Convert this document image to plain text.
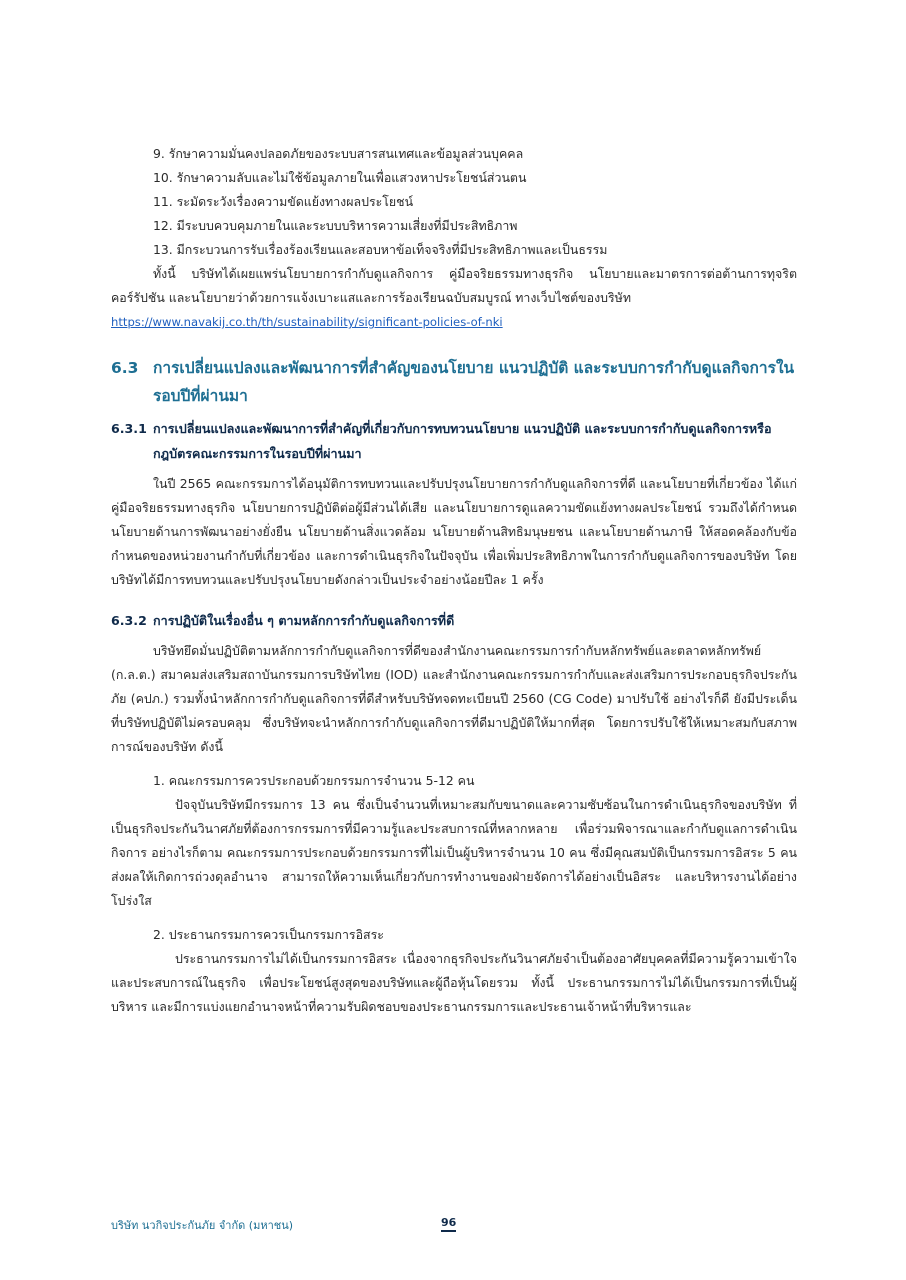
9. รักษาความมั่นคงปลอดภัยของระบบสารสนเทศและข้อมูลส่วนบุคคล
10. รักษาความลับและไม่ใช้ข้อมูลภายในเพื่อแสวงหาประโยชน์ส่วนตน
11. ระมัดระวังเรื่องความขัดแย้งทางผลประโยชน์
12. มีระบบควบคุมภายในและระบบบริหารความเสี่ยงที่มีประสิทธิภาพ
13. มีกระบวนการรับเรื่องร้องเรียนและสอบหาข้อเท็จจริงที่มีประสิทธิภาพและเป็นธรรม

ทั้งนี้ บริษัทได้เผยแพร่นโยบายการกำกับดูแลกิจการ คู่มือจริยธรรมทางธุรกิจ นโยบายและมาตรการต่อต้านการทุจริตคอร์รัปชัน และนโยบายว่าด้วยการแจ้งเบาะแสและการร้องเรียนฉบับสมบูรณ์ ทางเว็บไซต์ของบริษัท

https://www.navakij.co.th/th/sustainability/significant-policies-of-nki
6.3 การเปลี่ยนแปลงและพัฒนาการที่สำคัญของนโยบาย แนวปฏิบัติ และระบบการกำกับดูแลกิจการในรอบปีที่ผ่านมา
6.3.1 การเปลี่ยนแปลงและพัฒนาการที่สำคัญที่เกี่ยวกับการทบทวนนโยบาย แนวปฏิบัติ และระบบการกำกับดูแลกิจการหรือกฎบัตรคณะกรรมการในรอบปีที่ผ่านมา

ในปี 2565 คณะกรรมการได้อนุมัติการทบทวนและปรับปรุงนโยบายการกำกับดูแลกิจการที่ดี และนโยบายที่เกี่ยวข้อง ได้แก่ คู่มือจริยธรรมทางธุรกิจ นโยบายการปฏิบัติต่อผู้มีส่วนได้เสีย และนโยบายการดูแลความขัดแย้งทางผลประโยชน์ รวมถึงได้กำหนดนโยบายด้านการพัฒนาอย่างยั่งยืน นโยบายด้านสิ่งแวดล้อม นโยบายด้านสิทธิมนุษยชน และนโยบายด้านภาษี ให้สอดคล้องกับข้อกำหนดของหน่วยงานกำกับที่เกี่ยวข้อง และการดำเนินธุรกิจในปัจจุบัน เพื่อเพิ่มประสิทธิภาพในการกำกับดูแลกิจการของบริษัท โดยบริษัทได้มีการทบทวนและปรับปรุงนโยบายดังกล่าวเป็นประจำอย่างน้อยปีละ 1 ครั้ง

6.3.2 การปฏิบัติในเรื่องอื่น ๆ ตามหลักการกำกับดูแลกิจการที่ดี

บริษัทยึดมั่นปฏิบัติตามหลักการกำกับดูแลกิจการที่ดีของสำนักงานคณะกรรมการกำกับหลักทรัพย์และตลาดหลักทรัพย์ (ก.ล.ต.) สมาคมส่งเสริมสถาบันกรรมการบริษัทไทย (IOD) และสำนักงานคณะกรรมการกำกับและส่งเสริมการประกอบธุรกิจประกันภัย (คปภ.) รวมทั้งนำหลักการกำกับดูแลกิจการที่ดีสำหรับบริษัทจดทะเบียนปี 2560 (CG Code) มาปรับใช้ อย่างไรก็ดี ยังมีประเด็นที่บริษัทปฏิบัติไม่ครอบคลุม ซึ่งบริษัทจะนำหลักการกำกับดูแลกิจการที่ดีมาปฏิบัติให้มากที่สุด โดยการปรับใช้ให้เหมาะสมกับสภาพการณ์ของบริษัท ดังนี้

1. คณะกรรมการควรประกอบด้วยกรรมการจำนวน 5-12 คน

ปัจจุบันบริษัทมีกรรมการ 13 คน ซึ่งเป็นจำนวนที่เหมาะสมกับขนาดและความซับซ้อนในการดำเนินธุรกิจของบริษัท ที่เป็นธุรกิจประกันวินาศภัยที่ต้องการกรรมการที่มีความรู้และประสบการณ์ที่หลากหลาย เพื่อร่วมพิจารณาและกำกับดูแลการดำเนินกิจการ อย่างไรก็ตาม คณะกรรมการประกอบด้วยกรรมการที่ไม่เป็นผู้บริหารจำนวน 10 คน ซึ่งมีคุณสมบัติเป็นกรรมการอิสระ 5 คน ส่งผลให้เกิดการถ่วงดุลอำนาจ สามารถให้ความเห็นเกี่ยวกับการทำงานของฝ่ายจัดการได้อย่างเป็นอิสระ และบริหารงานได้อย่างโปร่งใส

2. ประธานกรรมการควรเป็นกรรมการอิสระ

ประธานกรรมการไม่ได้เป็นกรรมการอิสระ เนื่องจากธุรกิจประกันวินาศภัยจำเป็นต้องอาศัยบุคคลที่มีความรู้ความเข้าใจและประสบการณ์ในธุรกิจ เพื่อประโยชน์สูงสุดของบริษัทและผู้ถือหุ้นโดยรวม ทั้งนี้ ประธานกรรมการไม่ได้เป็นกรรมการที่เป็นผู้บริหาร และมีการแบ่งแยกอำนาจหน้าที่ความรับผิดชอบของประธานกรรมการและประธานเจ้าหน้าที่บริหารและ

บริษัท นวกิจประกันภัย จำกัด (มหาชน)	96
